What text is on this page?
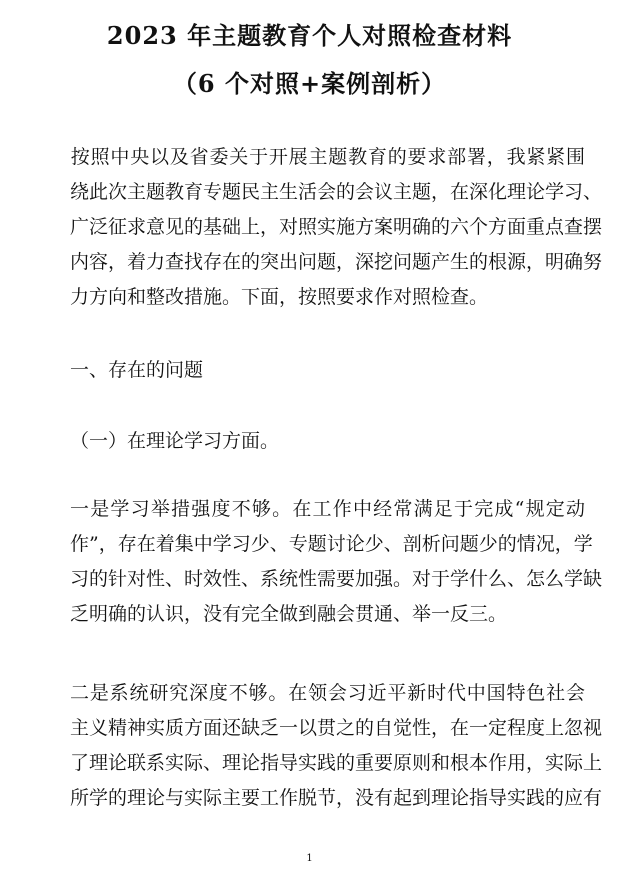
2023 年主题教育个人对照检查材料
（6 个对照+案例剖析）
按照中央以及省委关于开展主题教育的要求部署，我紧紧围
绕此次主题教育专题民主生活会的会议主题，在深化理论学习、
广泛征求意见的基础上，对照实施方案明确的六个方面重点查摆
内容，着力查找存在的突出问题，深挖问题产生的根源，明确努
力方向和整改措施。下面，按照要求作对照检查。
一、存在的问题
（一）在理论学习方面。
一是学习举措强度不够。在工作中经常满足于完成“规定动
作”，存在着集中学习少、专题讨论少、剖析问题少的情况，学
习的针对性、时效性、系统性需要加强。对于学什么、怎么学缺
乏明确的认识，没有完全做到融会贯通、举一反三。
二是系统研究深度不够。在领会习近平新时代中国特色社会
主义精神实质方面还缺乏一以贯之的自觉性，在一定程度上忽视
了理论联系实际、理论指导实践的重要原则和根本作用，实际上
所学的理论与实际主要工作脱节，没有起到理论指导实践的应有
1
